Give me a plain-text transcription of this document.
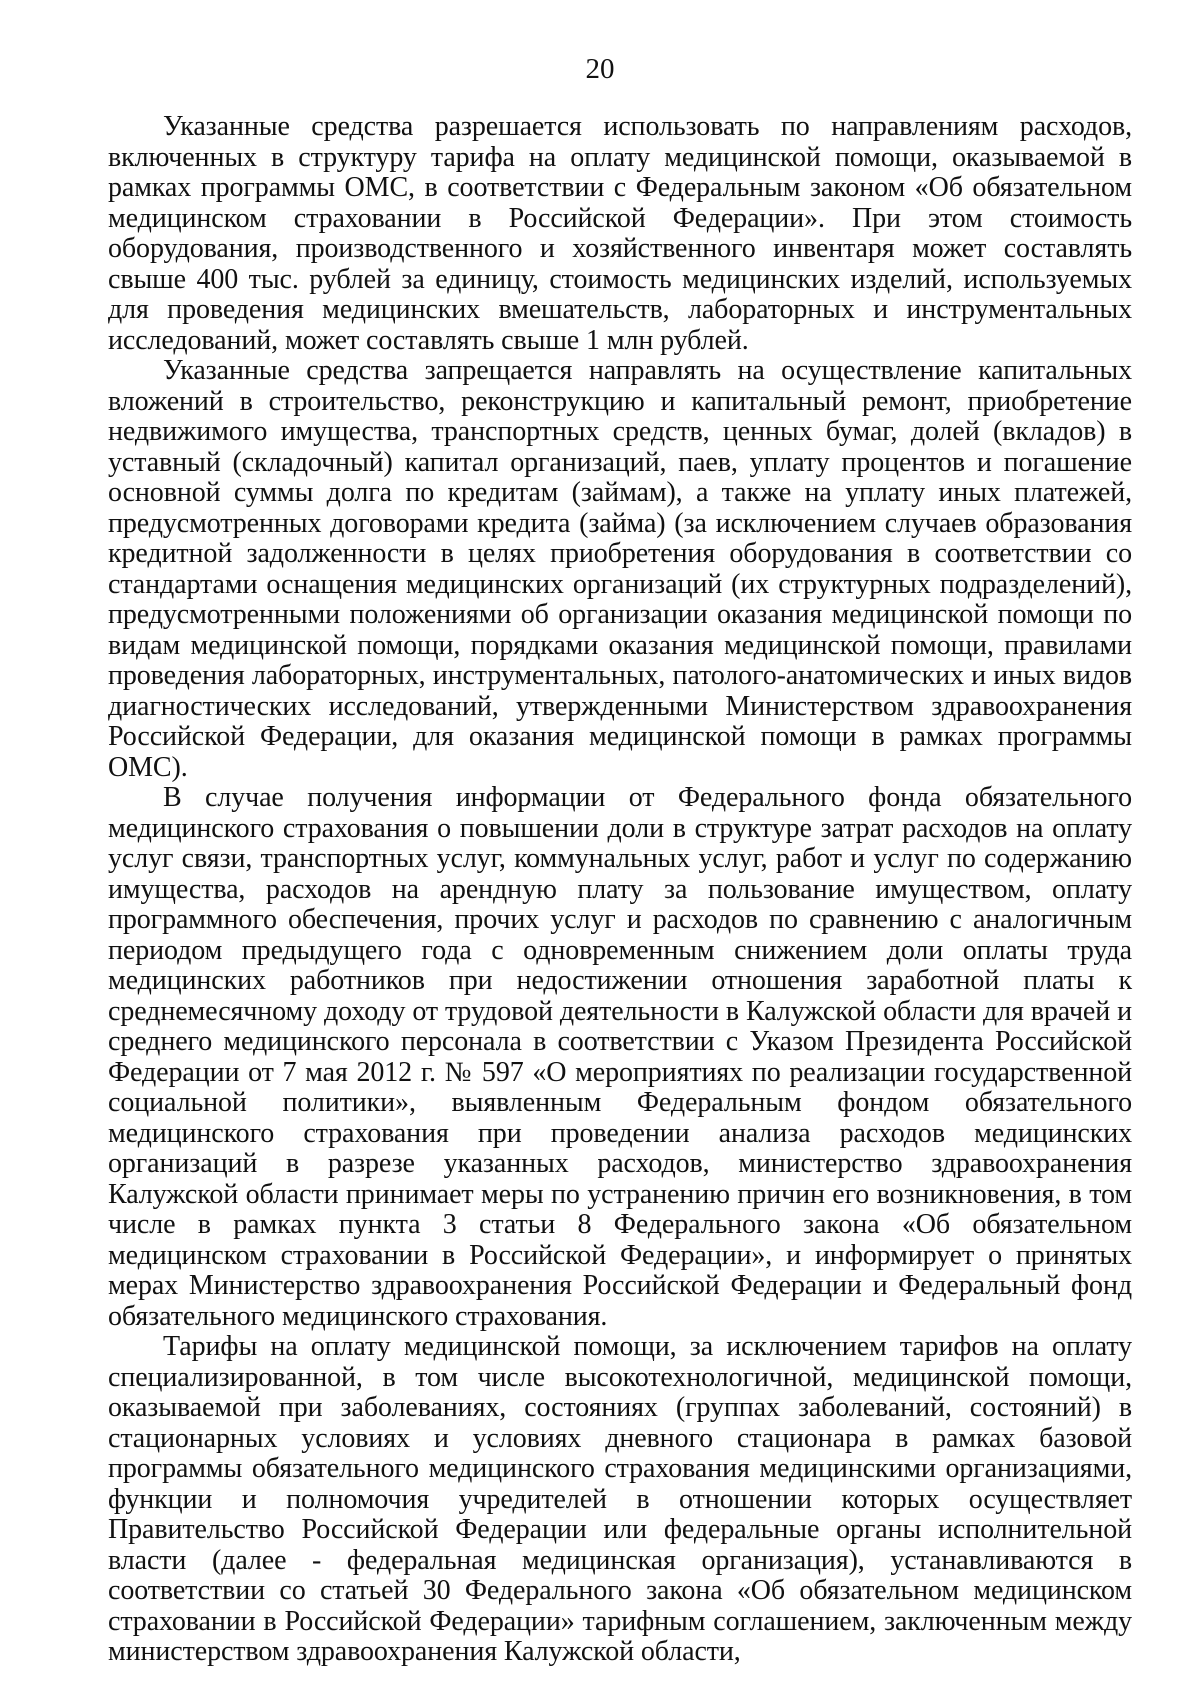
20

Указанные средства разрешается использовать по направлениям расходов, включенных в структуру тарифа на оплату медицинской помощи, оказываемой в рамках программы ОМС, в соответствии с Федеральным законом «Об обязательном медицинском страховании в Российской Федерации». При этом стоимость оборудования, производственного и хозяйственного инвентаря может составлять свыше 400 тыс. рублей за единицу, стоимость медицинских изделий, используемых для проведения медицинских вмешательств, лабораторных и инструментальных исследований, может составлять свыше 1 млн рублей.

Указанные средства запрещается направлять на осуществление капитальных вложений в строительство, реконструкцию и капитальный ремонт, приобретение недвижимого имущества, транспортных средств, ценных бумаг, долей (вкладов) в уставный (складочный) капитал организаций, паев, уплату процентов и погашение основной суммы долга по кредитам (займам), а также на уплату иных платежей, предусмотренных договорами кредита (займа) (за исключением случаев образования кредитной задолженности в целях приобретения оборудования в соответствии со стандартами оснащения медицинских организаций (их структурных подразделений), предусмотренными положениями об организации оказания медицинской помощи по видам медицинской помощи, порядками оказания медицинской помощи, правилами проведения лабораторных, инструментальных, патолого-анатомических и иных видов диагностических исследований, утвержденными Министерством здравоохранения Российской Федерации, для оказания медицинской помощи в рамках программы ОМС).

В случае получения информации от Федерального фонда обязательного медицинского страхования о повышении доли в структуре затрат расходов на оплату услуг связи, транспортных услуг, коммунальных услуг, работ и услуг по содержанию имущества, расходов на арендную плату за пользование имуществом, оплату программного обеспечения, прочих услуг и расходов по сравнению с аналогичным периодом предыдущего года с одновременным снижением доли оплаты труда медицинских работников при недостижении отношения заработной платы к среднемесячному доходу от трудовой деятельности в Калужской области для врачей и среднего медицинского персонала в соответствии с Указом Президента Российской Федерации от 7 мая 2012 г. № 597 «О мероприятиях по реализации государственной социальной политики», выявленным Федеральным фондом обязательного медицинского страхования при проведении анализа расходов медицинских организаций в разрезе указанных расходов, министерство здравоохранения Калужской области принимает меры по устранению причин его возникновения, в том числе в рамках пункта 3 статьи 8 Федерального закона «Об обязательном медицинском страховании в Российской Федерации», и информирует о принятых мерах Министерство здравоохранения Российской Федерации и Федеральный фонд обязательного медицинского страхования.

Тарифы на оплату медицинской помощи, за исключением тарифов на оплату специализированной, в том числе высокотехнологичной, медицинской помощи, оказываемой при заболеваниях, состояниях (группах заболеваний, состояний) в стационарных условиях и условиях дневного стационара в рамках базовой программы обязательного медицинского страхования медицинскими организациями, функции и полномочия учредителей в отношении которых осуществляет Правительство Российской Федерации или федеральные органы исполнительной власти (далее - федеральная медицинская организация), устанавливаются в соответствии со статьей 30 Федерального закона «Об обязательном медицинском страховании в Российской Федерации» тарифным соглашением, заключенным между министерством здравоохранения Калужской области,
